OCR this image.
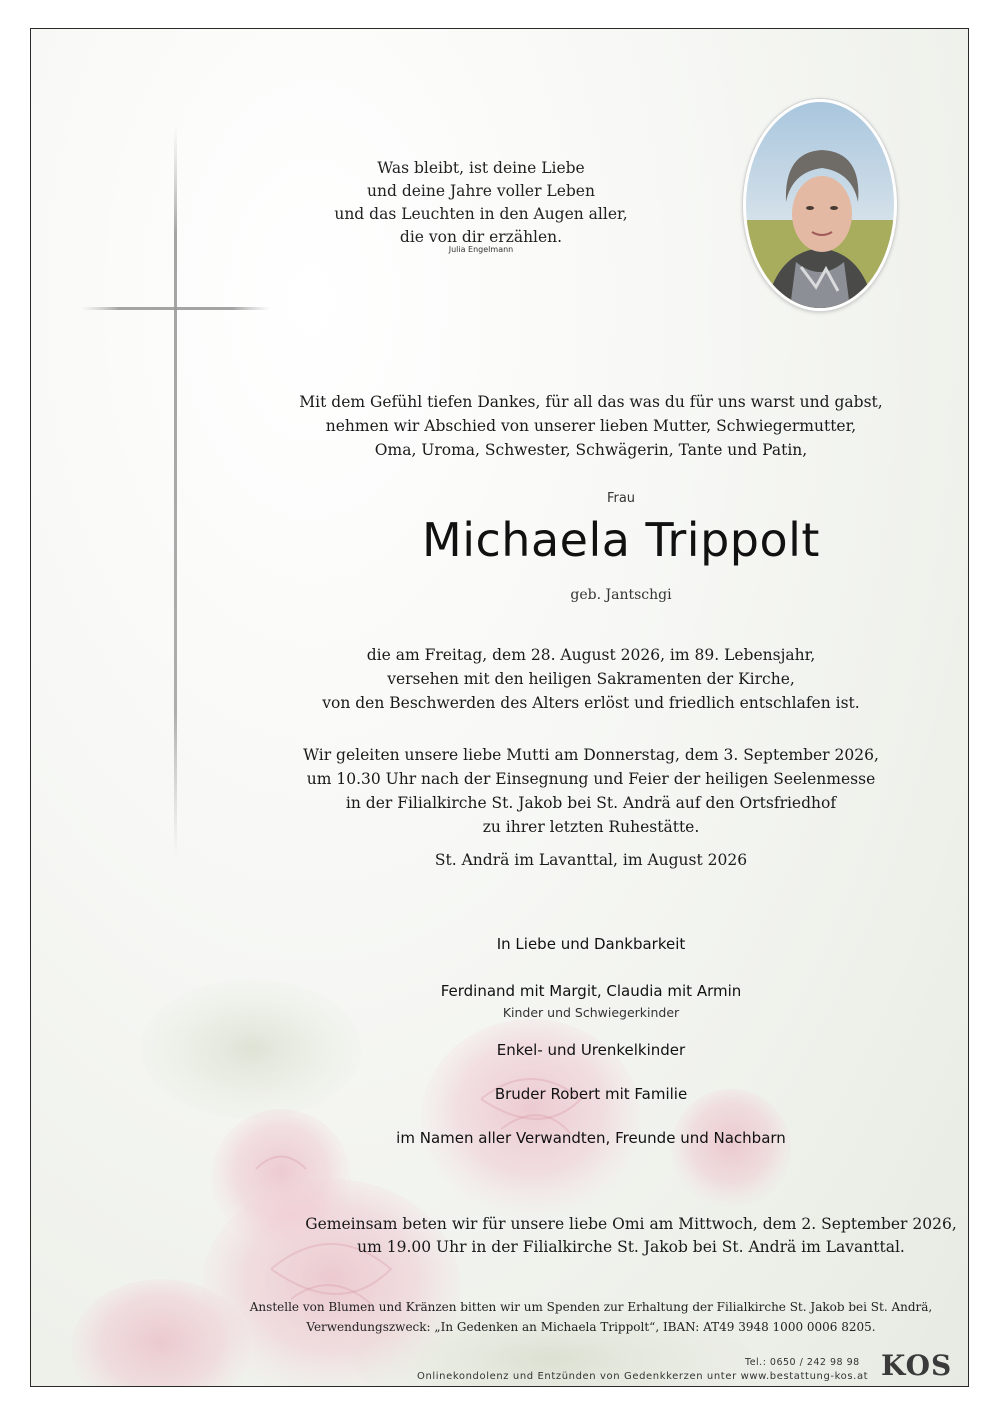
Was bleibt, ist deine Liebe
und deine Jahre voller Leben
und das Leuchten in den Augen aller,
die von dir erzählen.
Julia Engelmann
Mit dem Gefühl tiefen Dankes, für all das was du für uns warst und gabst,
nehmen wir Abschied von unserer lieben Mutter, Schwiegermutter,
Oma, Uroma, Schwester, Schwägerin, Tante und Patin,
Frau
Michaela Trippolt
geb. Jantschgi
die am Freitag, dem 28. August 2026, im 89. Lebensjahr,
versehen mit den heiligen Sakramenten der Kirche,
von den Beschwerden des Alters erlöst und friedlich entschlafen ist.
Wir geleiten unsere liebe Mutti am Donnerstag, dem 3. September 2026,
um 10.30 Uhr nach der Einsegnung und Feier der heiligen Seelenmesse
in der Filialkirche St. Jakob bei St. Andrä auf den Ortsfriedhof
zu ihrer letzten Ruhestätte.
St. Andrä im Lavanttal, im August 2026
In Liebe und Dankbarkeit
Ferdinand mit Margit, Claudia mit Armin
Kinder und Schwiegerkinder
Enkel- und Urenkelkinder
Bruder Robert mit Familie
im Namen aller Verwandten, Freunde und Nachbarn
Gemeinsam beten wir für unsere liebe Omi am Mittwoch, dem 2. September 2026,
um 19.00 Uhr in der Filialkirche St. Jakob bei St. Andrä im Lavanttal.
Anstelle von Blumen und Kränzen bitten wir um Spenden zur Erhaltung der Filialkirche St. Jakob bei St. Andrä,
Verwendungszweck: „In Gedenken an Michaela Trippolt“, IBAN: AT49 3948 1000 0006 8205.
Tel.: 0650 / 242 98 98
Onlinekondolenz und Entzünden von Gedenkkerzen unter www.bestattung-kos.at KOS
